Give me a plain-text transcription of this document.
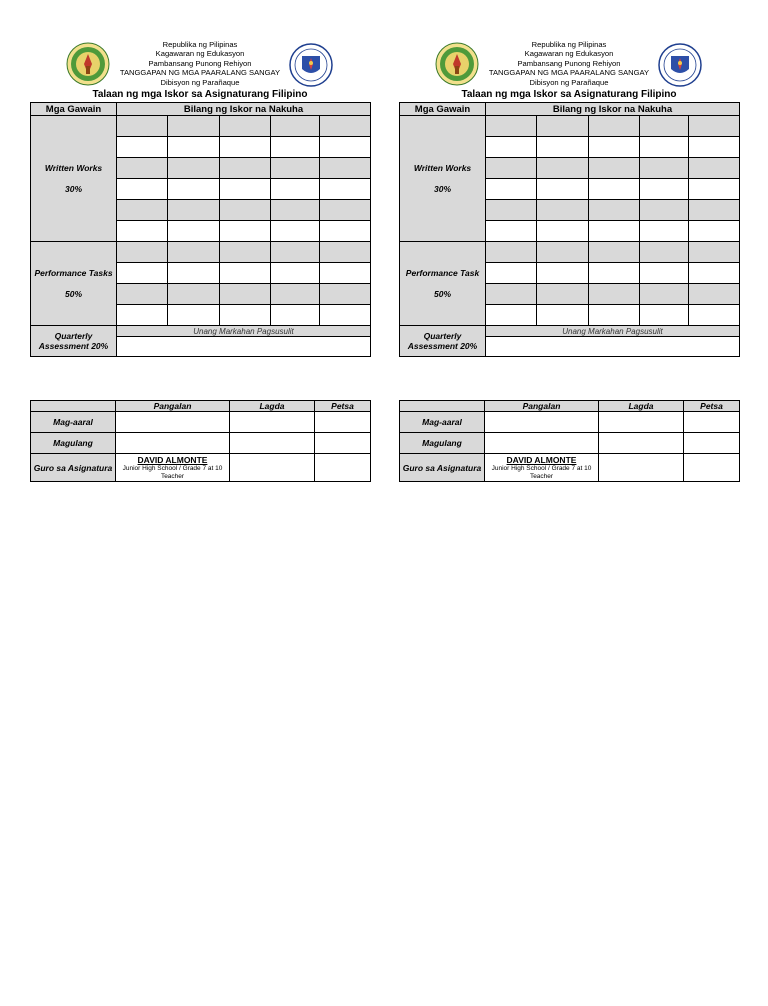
Republika ng Pilipinas
Kagawaran ng Edukasyon
Pambansang Punong Rehiyon
TANGGAPAN NG MGA PAARALANG SANGAY
Dibisyon ng Parañaque
Talaan ng mga Iskor sa Asignaturang Filipino
Mga Gawain	Bilang ng Iskor na Nakuha				

Written Works
30%					

Performance Tasks
50%					

Quarterly Assessment 20%	Unang Markahan Pagsusulit				

	Pangalan	Lagda	Petsa
Mag-aaral			
Magulang			
Guro sa Asignatura	DAVID ALMONTE
Junior High School / Grade 7 at 10 Teacher		

Republika ng Pilipinas
Kagawaran ng Edukasyon
Pambansang Punong Rehiyon
TANGGAPAN NG MGA PAARALANG SANGAY
Dibisyon ng Parañaque
Talaan ng mga Iskor sa Asignaturang Filipino
Mga Gawain	Bilang ng Iskor na Nakuha				

Written Works
30%					

Performance Task
50%					

Quarterly Assessment 20%	Unang Markahan Pagsusulit				

	Pangalan	Lagda	Petsa
Mag-aaral			
Magulang			
Guro sa Asignatura	DAVID ALMONTE
Junior High School / Grade 7 at 10 Teacher		
